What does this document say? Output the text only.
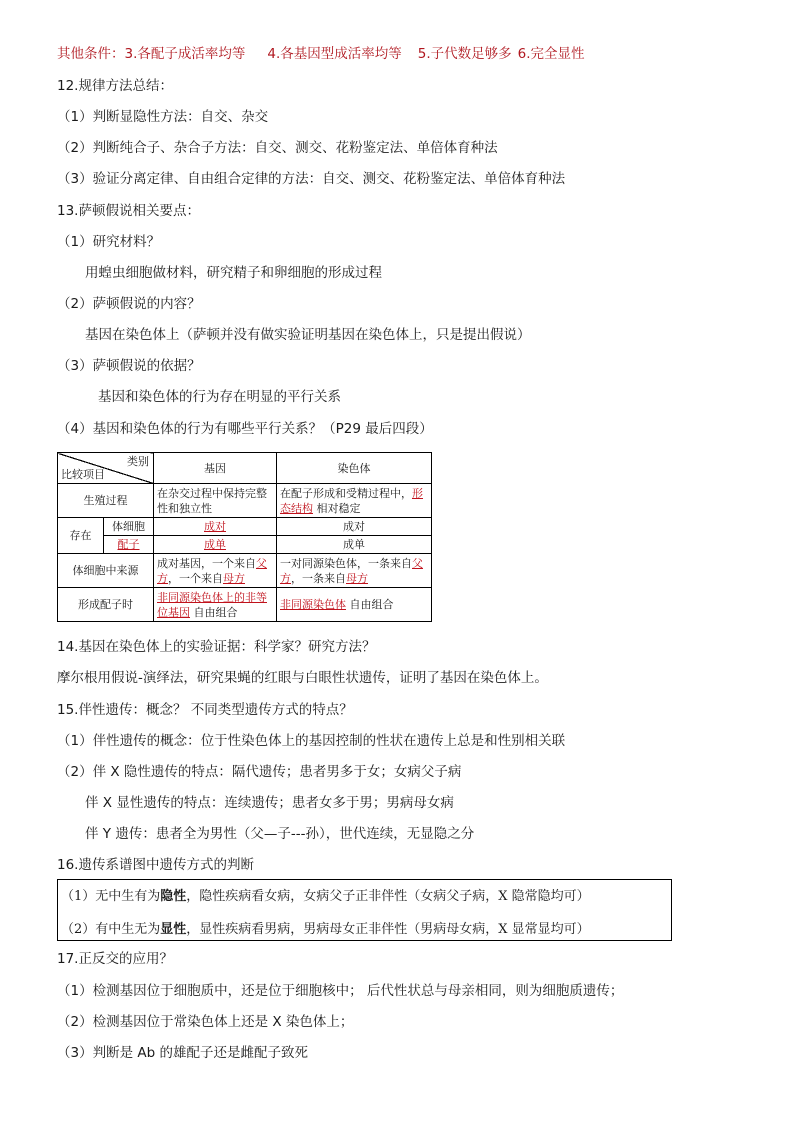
其他条件：3.各配子成活率均等 4.各基因型成活率均等 5.子代数足够多 6.完全显性
12.规律方法总结：
（1）判断显隐性方法：自交、杂交
（2）判断纯合子、杂合子方法：自交、测交、花粉鉴定法、单倍体育种法
（3）验证分离定律、自由组合定律的方法：自交、测交、花粉鉴定法、单倍体育种法
13.萨顿假说相关要点：
（1）研究材料？
用蝗虫细胞做材料，研究精子和卵细胞的形成过程
（2）萨顿假说的内容？
基因在染色体上（萨顿并没有做实验证明基因在染色体上，只是提出假说）
（3）萨顿假说的依据？
基因和染色体的行为存在明显的平行关系
（4）基因和染色体的行为有哪些平行关系？（P29 最后四段）
类别
比较项目		基因	染色体
生殖过程		在杂交过程中保持完整性和独立性	在配子形成和受精过程中，形态结构 相对稳定
存在	体细胞	成对	成对
	配子	成单	成单
体细胞中来源		成对基因，一个来自父方，一个来自母方	一对同源染色体，一条来自父方，一条来自母方
形成配子时		非同源染色体上的非等位基因 自由组合	非同源染色体 自由组合
14.基因在染色体上的实验证据：科学家？研究方法？
摩尔根用假说-演绎法，研究果蝇的红眼与白眼性状遗传，证明了基因在染色体上。
15.伴性遗传：概念？ 不同类型遗传方式的特点？
（1）伴性遗传的概念：位于性染色体上的基因控制的性状在遗传上总是和性别相关联
（2）伴 X 隐性遗传的特点：隔代遗传；患者男多于女；女病父子病
伴 X 显性遗传的特点：连续遗传；患者女多于男；男病母女病
伴 Y 遗传：患者全为男性（父—子---孙），世代连续，无显隐之分
16.遗传系谱图中遗传方式的判断
（1）无中生有为隐性，隐性疾病看女病，女病父子正非伴性（女病父子病，X 隐常隐均可）
（2）有中生无为显性，显性疾病看男病，男病母女正非伴性（男病母女病，X 显常显均可）
17.正反交的应用？
（1）检测基因位于细胞质中，还是位于细胞核中； 后代性状总与母亲相同，则为细胞质遗传；
（2）检测基因位于常染色体上还是 X 染色体上；
（3）判断是 Ab 的雄配子还是雌配子致死
